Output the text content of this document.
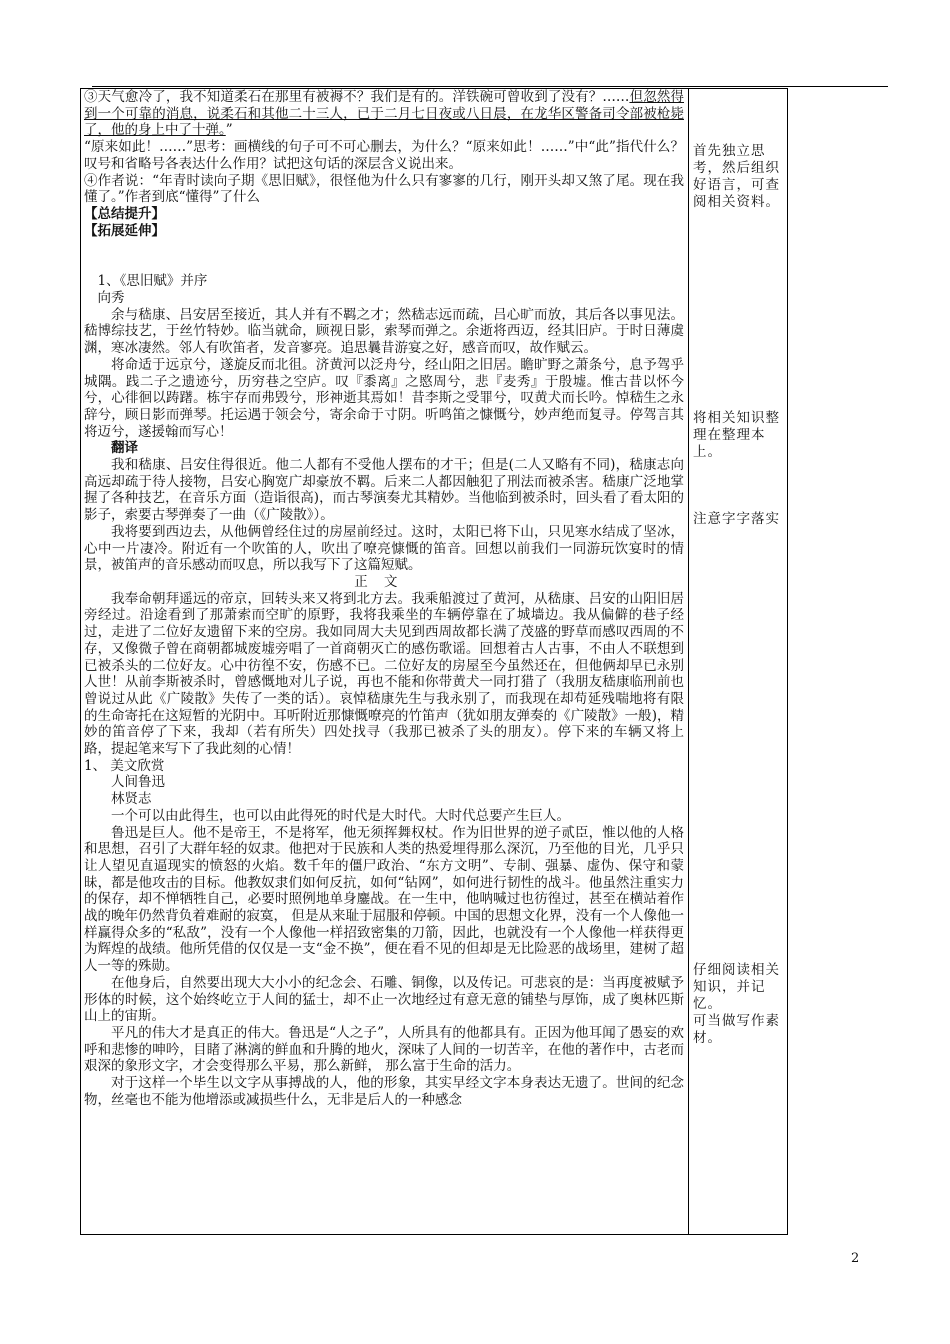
③天气愈冷了，我不知道柔石在那里有被褥不？我们是有的。洋铁碗可曾收到了没有？……但忽然得到一个可靠的消息，说柔石和其他二十三人，已于二月七日夜或八日晨，在龙华区警备司令部被枪毙了，他的身上中了十弹。”

“原来如此！……”思考：画横线的句子可不可心删去，为什么？“原来如此！……”中“此”指代什么？叹号和省略号各表达什么作用？试把这句话的深层含义说出来。

④作者说：“年青时读向子期《思旧赋》，很怪他为什么只有寥寥的几行，刚开头却又煞了尾。现在我懂了。”作者到底“懂得”了什么

【总结提升】

【拓展延伸】

1、《思旧赋》并序

向秀

余与嵇康、吕安居至接近，其人并有不羁之才；然嵇志远而疏，吕心旷而放，其后各以事见法。嵇博综技艺，于丝竹特妙。临当就命，顾视日影，索琴而弹之。余逝将西迈，经其旧庐。于时日薄虞渊，寒冰凄然。邻人有吹笛者，发音寥亮。追思曩昔游宴之好，感音而叹，故作赋云。

将命适于远京兮，遂旋反而北徂。济黄河以泛舟兮，经山阳之旧居。瞻旷野之萧条兮，息予驾乎城隅。践二子之遗迹兮，历穷巷之空庐。叹『黍离』之愍周兮，悲『麦秀』于殷墟。惟古昔以怀今兮，心徘徊以踌躇。栋宇存而弗毁兮，形神逝其焉如！昔李斯之受罪兮，叹黄犬而长吟。悼嵇生之永辞兮，顾日影而弹琴。托运遇于领会兮，寄余命于寸阴。听鸣笛之慷慨兮，妙声绝而复寻。停驾言其将迈兮，遂援翰而写心！

翻译

我和嵇康、吕安住得很近。他二人都有不受他人摆布的才干；但是(二人又略有不同)，嵇康志向高远却疏于待人接物，吕安心胸宽广却豪放不羁。后来二人都因触犯了刑法而被杀害。嵇康广泛地掌握了各种技艺，在音乐方面（造诣很高)，而古琴演奏尤其精妙。当他临到被杀时，回头看了看太阳的影子，索要古琴弹奏了一曲（《广陵散》）。

我将要到西边去，从他俩曾经住过的房屋前经过。这时，太阳已将下山，只见寒水结成了坚冰，心中一片凄冷。附近有一个吹笛的人，吹出了嘹亮慷慨的笛音。回想以前我们一同游玩饮宴时的情景，被笛声的音乐感动而叹息，所以我写下了这篇短赋。

正文

我奉命朝拜遥远的帝京，回转头来又将到北方去。我乘船渡过了黄河，从嵇康、吕安的山阳旧居旁经过。沿途看到了那萧索而空旷的原野，我将我乘坐的车辆停靠在了城墙边。我从偏僻的巷子经过，走进了二位好友遗留下来的空房。我如同周大夫见到西周故都长满了茂盛的野草而感叹西周的不存，又像微子曾在商朝都城废墟旁唱了一首商朝灭亡的感伤歌谣。回想着古人古事，不由人不联想到已被杀头的二位好友。心中彷徨不安，伤感不已。二位好友的房屋至今虽然还在，但他俩却早已永别人世！从前李斯被杀时，曾感慨地对儿子说，再也不能和你带黄犬一同打猎了（我朋友嵇康临刑前也曾说过从此《广陵散》失传了一类的话）。哀悼嵇康先生与我永别了，而我现在却苟延残喘地将有限的生命寄托在这短暂的光阴中。耳听附近那慷慨嘹亮的竹笛声（犹如朋友弹奏的《广陵散》一般)，精妙的笛音停了下来，我却（若有所失）四处找寻（我那已被杀了头的朋友）。停下来的车辆又将上路，提起笔来写下了我此刻的心情！

1、 美文欣赏

人间鲁迅

林贤志

一个可以由此得生，也可以由此得死的时代是大时代。大时代总要产生巨人。

鲁迅是巨人。他不是帝王，不是将军，他无须挥舞权杖。作为旧世界的逆子贰臣，惟以他的人格和思想，召引了大群年轻的奴隶。他把对于民族和人类的热爱埋得那么深沉，乃至他的目光，几乎只让人望见直逼现实的愤怒的火焰。数千年的僵尸政治、“东方文明”、专制、强暴、虚伪、保守和蒙昧，都是他攻击的目标。他教奴隶们如何反抗，如何“钻网”，如何进行韧性的战斗。他虽然注重实力的保存，却不惮牺牲自己，必要时照例地单身鏖战。在一生中，他呐喊过也彷徨过，甚至在横站着作战的晚年仍然背负着难耐的寂寞， 但是从来耻于屈服和停顿。中国的思想文化界，没有一个人像他一样赢得众多的“私敌”，没有一个人像他一样招致密集的刀箭，因此，也就没有一个人像他一样获得更为辉煌的战绩。他所凭借的仅仅是一支“金不换”，便在看不见的但却是无比险恶的战场里，建树了超人一等的殊勋。

在他身后，自然要出现大大小小的纪念会、石雕、铜像，以及传记。可悲哀的是：当再度被赋予形体的时候，这个始终屹立于人间的猛士，却不止一次地经过有意无意的铺垫与厚饰，成了奥林匹斯山上的宙斯。

平凡的伟大才是真正的伟大。鲁迅是“人之子”，人所具有的他都具有。正因为他耳闻了愚妄的欢呼和悲惨的呻吟，目睹了淋漓的鲜血和升腾的地火，深味了人间的一切苦辛，在他的著作中，古老而艰深的象形文字，才会变得那么平易，那么新鲜， 那么富于生命的活力。

对于这样一个毕生以文字从事搏战的人，他的形象，其实早经文字本身表达无遗了。世间的纪念物，丝毫也不能为他增添或减损些什么，无非是后人的一种感念

首先独立思考，然后组织好语言，可查阅相关资料。

将相关知识整理在整理本上。

注意字字落实

仔细阅读相关知识，并记忆。

可当做写作素材。

2
